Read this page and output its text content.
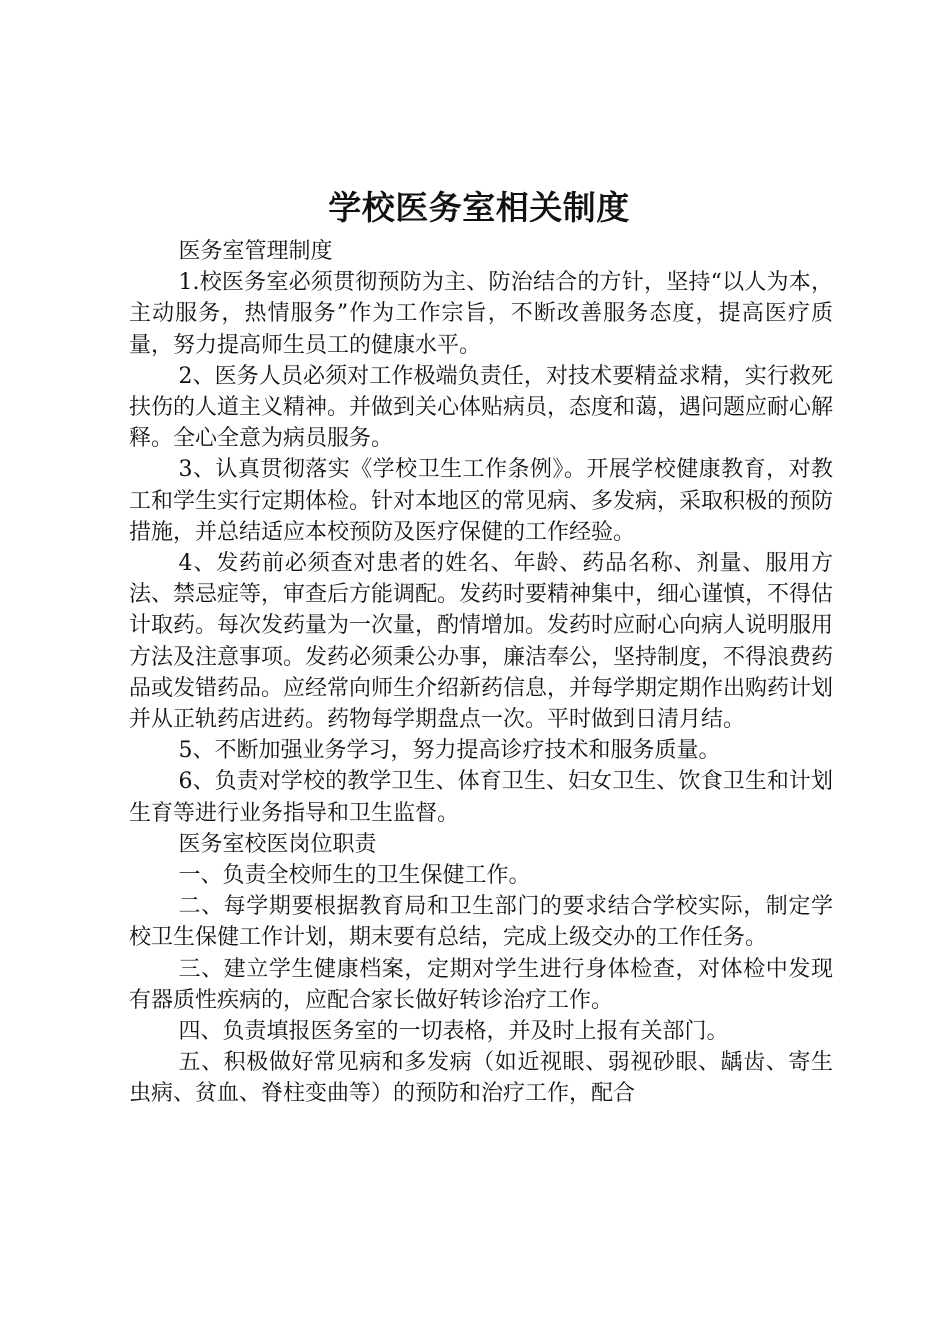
学校医务室相关制度

医务室管理制度

1.校医务室必须贯彻预防为主、防治结合的方针，坚持“以人为本，主动服务，热情服务”作为工作宗旨，不断改善服务态度，提高医疗质量，努力提高师生员工的健康水平。

2、医务人员必须对工作极端负责任，对技术要精益求精，实行救死扶伤的人道主义精神。并做到关心体贴病员，态度和蔼，遇问题应耐心解释。全心全意为病员服务。

3、认真贯彻落实《学校卫生工作条例》。开展学校健康教育，对教工和学生实行定期体检。针对本地区的常见病、多发病，采取积极的预防措施，并总结适应本校预防及医疗保健的工作经验。

4、发药前必须查对患者的姓名、年龄、药品名称、剂量、服用方法、禁忌症等，审查后方能调配。发药时要精神集中，细心谨慎，不得估计取药。每次发药量为一次量，酌情增加。发药时应耐心向病人说明服用方法及注意事项。发药必须秉公办事，廉洁奉公，坚持制度，不得浪费药品或发错药品。应经常向师生介绍新药信息，并每学期定期作出购药计划并从正轨药店进药。药物每学期盘点一次。平时做到日清月结。

5、不断加强业务学习，努力提高诊疗技术和服务质量。

6、负责对学校的教学卫生、体育卫生、妇女卫生、饮食卫生和计划生育等进行业务指导和卫生监督。

医务室校医岗位职责

一、负责全校师生的卫生保健工作。

二、每学期要根据教育局和卫生部门的要求结合学校实际，制定学校卫生保健工作计划，期末要有总结，完成上级交办的工作任务。

三、建立学生健康档案，定期对学生进行身体检查，对体检中发现有器质性疾病的，应配合家长做好转诊治疗工作。

四、负责填报医务室的一切表格，并及时上报有关部门。

五、积极做好常见病和多发病（如近视眼、弱视砂眼、龋齿、寄生虫病、贫血、脊柱变曲等）的预防和治疗工作，配合
